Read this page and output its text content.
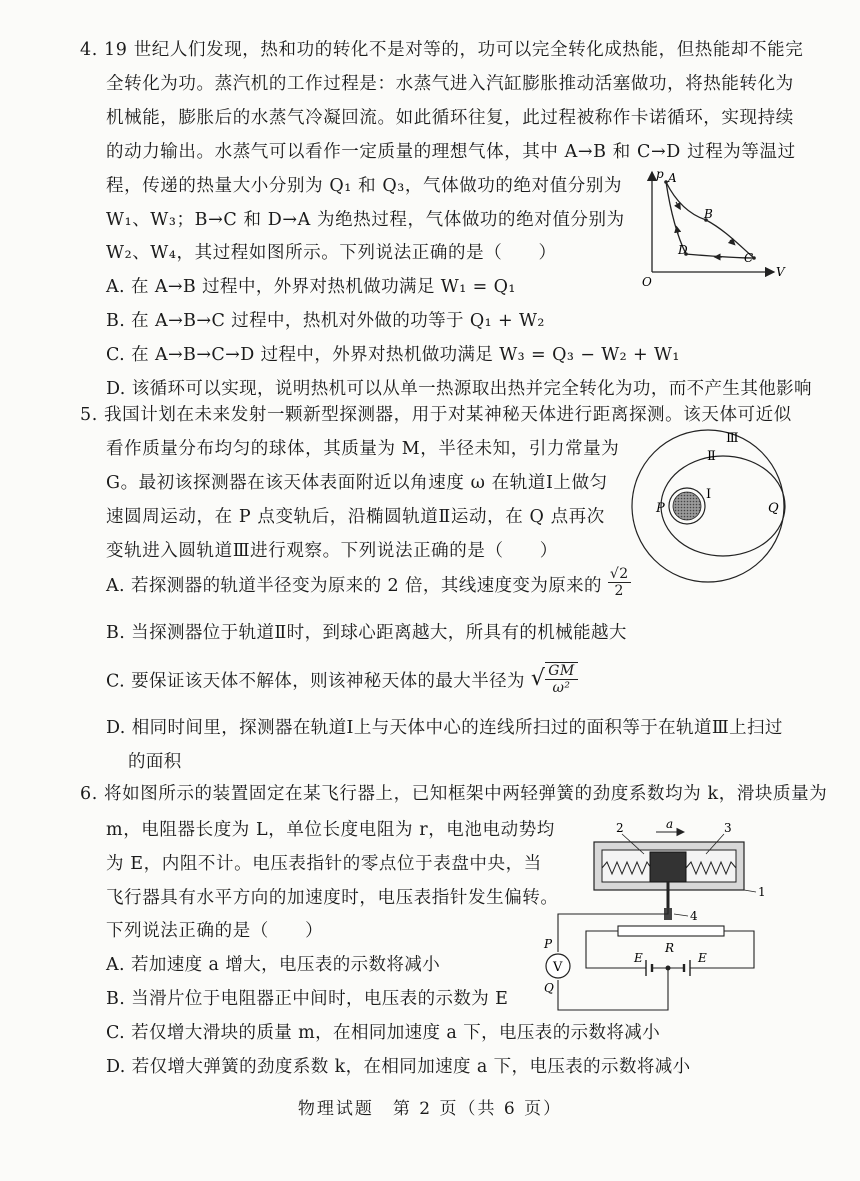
4. 19 世纪人们发现，热和功的转化不是对等的，功可以完全转化成热能，但热能却不能完
全转化为功。蒸汽机的工作过程是：水蒸气进入汽缸膨胀推动活塞做功，将热能转化为
机械能，膨胀后的水蒸气冷凝回流。如此循环往复，此过程被称作卡诺循环，实现持续
的动力输出。水蒸气可以看作一定质量的理想气体，其中 A→B 和 C→D 过程为等温过
程，传递的热量大小分别为 Q₁ 和 Q₃，气体做功的绝对值分别为
W₁、W₃；B→C 和 D→A 为绝热过程，气体做功的绝对值分别为
W₂、W₄，其过程如图所示。下列说法正确的是（　　）
A. 在 A→B 过程中，外界对热机做功满足 W₁ = Q₁
B. 在 A→B→C 过程中，热机对外做的功等于 Q₁ + W₂
C. 在 A→B→C→D 过程中，外界对热机做功满足 W₃ = Q₃ − W₂ + W₁
D. 该循环可以实现，说明热机可以从单一热源取出热并完全转化为功，而不产生其他影响
p A
B
D
C
V
O
5. 我国计划在未来发射一颗新型探测器，用于对某神秘天体进行距离探测。该天体可近似
看作质量分布均匀的球体，其质量为 M，半径未知，引力常量为
G。最初该探测器在该天体表面附近以角速度 ω 在轨道Ⅰ上做匀
速圆周运动，在 P 点变轨后，沿椭圆轨道Ⅱ运动，在 Q 点再次
变轨进入圆轨道Ⅲ进行观察。下列说法正确的是（　　）
A. 若探测器的轨道半径变为原来的 2 倍，其线速度变为原来的 $\frac{√2}{2}$
B. 当探测器位于轨道Ⅱ时，到球心距离越大，所具有的机械能越大
C. 要保证该天体不解体，则该神秘天体的最大半径为 √ $\frac{GM}{\text{ω²}}$
D. 相同时间里，探测器在轨道Ⅰ上与天体中心的连线所扫过的面积等于在轨道Ⅲ上扫过
的面积
I
Ⅱ
Ⅲ
P	Q
6. 将如图所示的装置固定在某飞行器上，已知框架中两轻弹簧的劲度系数均为 k，滑块质量为
m，电阻器长度为 L，单位长度电阻为 r，电池电动势均
为 E，内阻不计。电压表指针的零点位于表盘中央，当
飞行器具有水平方向的加速度时，电压表指针发生偏转。
下列说法正确的是（　　）
A. 若加速度 a 增大，电压表的示数将减小
B. 当滑片位于电阻器正中间时，电压表的示数为 E
C. 若仅增大滑块的质量 m，在相同加速度 a 下，电压表的示数将减小
D. 若仅增大弹簧的劲度系数 k，在相同加速度 a 下，电压表的示数将减小
a
2	3
1
4
R
E	E
V
P
Q
物理试题　第 2 页（共 6 页）
